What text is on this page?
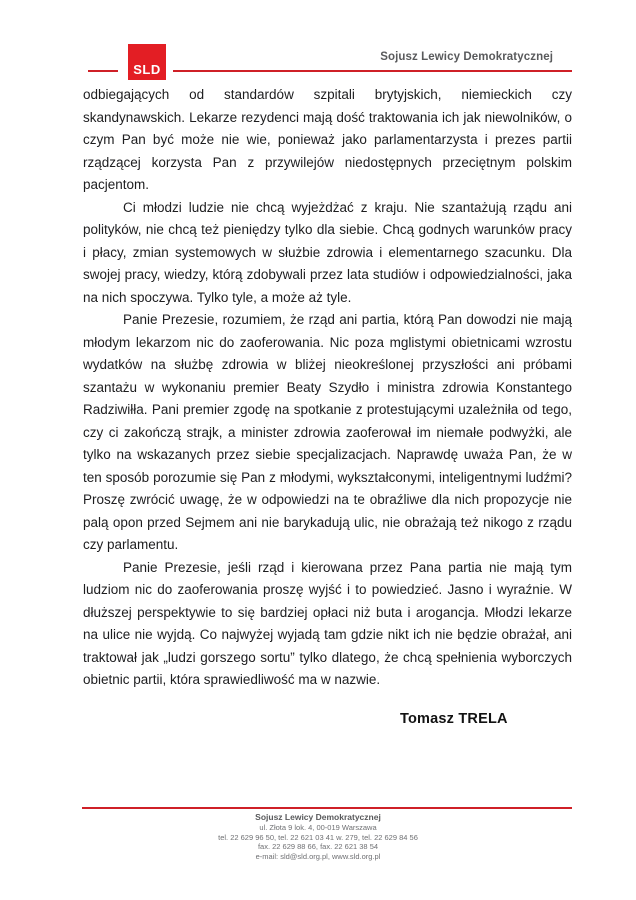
SLD
Sojusz Lewicy Demokratycznej

odbiegających od standardów szpitali brytyjskich, niemieckich czy skandynawskich. Lekarze rezydenci mają dość traktowania ich jak niewolników, o czym Pan być może nie wie, ponieważ jako parlamentarzysta i prezes partii rządzącej korzysta Pan z przywilejów niedostępnych przeciętnym polskim pacjentom.

Ci młodzi ludzie nie chcą wyjeżdżać z kraju. Nie szantażują rządu ani polityków, nie chcą też pieniędzy tylko dla siebie. Chcą godnych warunków pracy i płacy, zmian systemowych w służbie zdrowia i elementarnego szacunku. Dla swojej pracy, wiedzy, którą zdobywali przez lata studiów i odpowiedzialności, jaka na nich spoczywa. Tylko tyle, a może aż tyle.

Panie Prezesie, rozumiem, że rząd ani partia, którą Pan dowodzi nie mają młodym lekarzom nic do zaoferowania. Nic poza mglistymi obietnicami wzrostu wydatków na służbę zdrowia w bliżej nieokreślonej przyszłości ani próbami szantażu w wykonaniu premier Beaty Szydło i ministra zdrowia Konstantego Radziwiłła. Pani premier zgodę na spotkanie z protestującymi uzależniła od tego, czy ci zakończą strajk, a minister zdrowia zaoferował im niemałe podwyżki, ale tylko na wskazanych przez siebie specjalizacjach. Naprawdę uważa Pan, że w ten sposób porozumie się Pan z młodymi, wykształconymi, inteligentnymi ludźmi? Proszę zwrócić uwagę, że w odpowiedzi na te obraźliwe dla nich propozycje nie palą opon przed Sejmem ani nie barykadują ulic, nie obrażają też nikogo z rządu czy parlamentu.

Panie Prezesie, jeśli rząd i kierowana przez Pana partia nie mają tym ludziom nic do zaoferowania proszę wyjść i to powiedzieć. Jasno i wyraźnie. W dłuższej perspektywie to się bardziej opłaci niż buta i arogancja. Młodzi lekarze na ulice nie wyjdą. Co najwyżej wyjadą tam gdzie nikt ich nie będzie obrażał, ani traktował jak „ludzi gorszego sortu” tylko dlatego, że chcą spełnienia wyborczych obietnic partii, która sprawiedliwość ma w nazwie.

Tomasz TRELA
Sojusz Lewicy Demokratycznej
ul. Złota 9 lok. 4, 00-019 Warszawa
tel. 22 629 96 50, tel. 22 621 03 41 w. 279, tel. 22 629 84 56
fax. 22 629 88 66, fax. 22 621 38 54
e-mail: sld@sld.org.pl, www.sld.org.pl
